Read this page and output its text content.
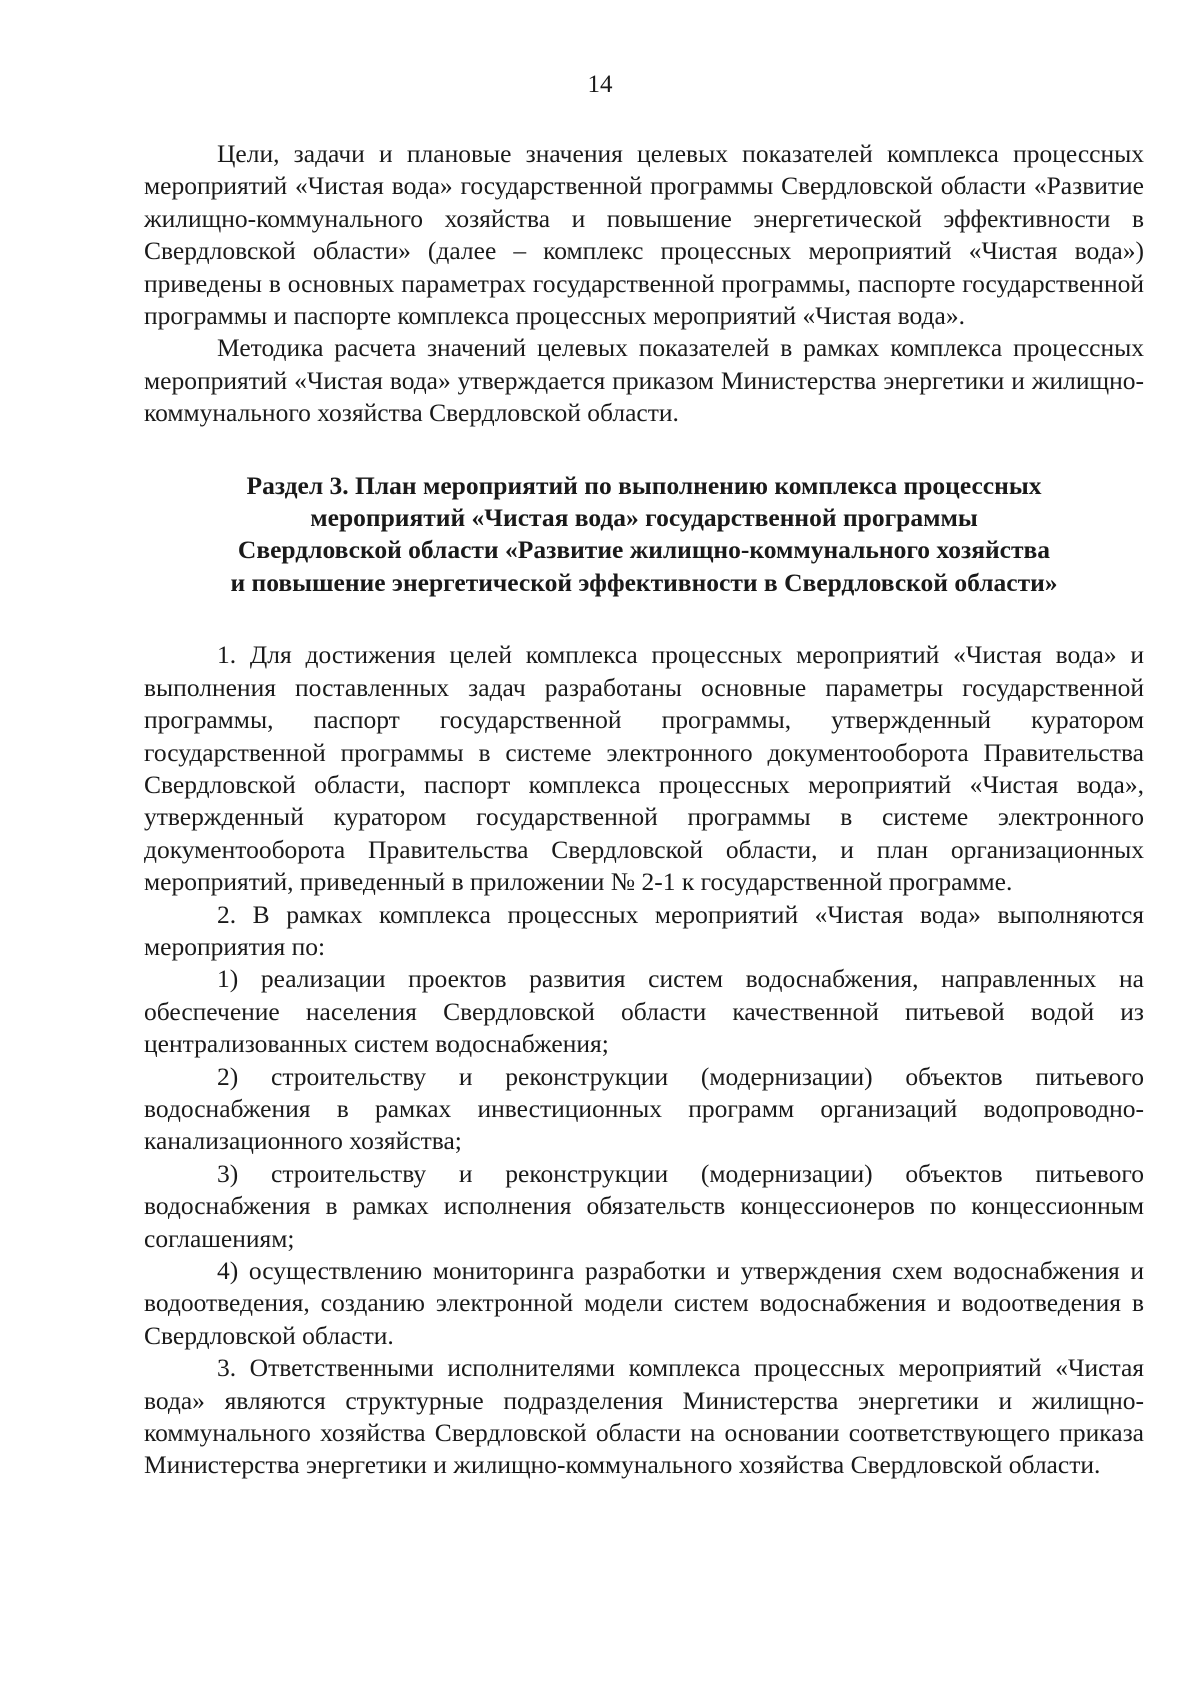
14

Цели, задачи и плановые значения целевых показателей комплекса процессных мероприятий «Чистая вода» государственной программы Свердловской области «Развитие жилищно-коммунального хозяйства и повышение энергетической эффективности в Свердловской области» (далее – комплекс процессных мероприятий «Чистая вода») приведены в основных параметрах государственной программы, паспорте государственной программы и паспорте комплекса процессных мероприятий «Чистая вода».

Методика расчета значений целевых показателей в рамках комплекса процессных мероприятий «Чистая вода» утверждается приказом Министерства энергетики и жилищно-коммунального хозяйства Свердловской области.

Раздел 3. План мероприятий по выполнению комплекса процессных
мероприятий «Чистая вода» государственной программы
Свердловской области «Развитие жилищно-коммунального хозяйства
и повышение энергетической эффективности в Свердловской области»

1. Для достижения целей комплекса процессных мероприятий «Чистая вода» и выполнения поставленных задач разработаны основные параметры государственной программы, паспорт государственной программы, утвержденный куратором государственной программы в системе электронного документооборота Правительства Свердловской области, паспорт комплекса процессных мероприятий «Чистая вода», утвержденный куратором государственной программы в системе электронного документооборота Правительства Свердловской области, и план организационных мероприятий, приведенный в приложении № 2-1 к государственной программе.

2. В рамках комплекса процессных мероприятий «Чистая вода» выполняются мероприятия по:

1) реализации проектов развития систем водоснабжения, направленных на обеспечение населения Свердловской области качественной питьевой водой из централизованных систем водоснабжения;

2) строительству и реконструкции (модернизации) объектов питьевого водоснабжения в рамках инвестиционных программ организаций водопроводно-канализационного хозяйства;

3) строительству и реконструкции (модернизации) объектов питьевого водоснабжения в рамках исполнения обязательств концессионеров по концессионным соглашениям;

4) осуществлению мониторинга разработки и утверждения схем водоснабжения и водоотведения, созданию электронной модели систем водоснабжения и водоотведения в Свердловской области.

3. Ответственными исполнителями комплекса процессных мероприятий «Чистая вода» являются структурные подразделения Министерства энергетики и жилищно-коммунального хозяйства Свердловской области на основании соответствующего приказа Министерства энергетики и жилищно-коммунального хозяйства Свердловской области.
